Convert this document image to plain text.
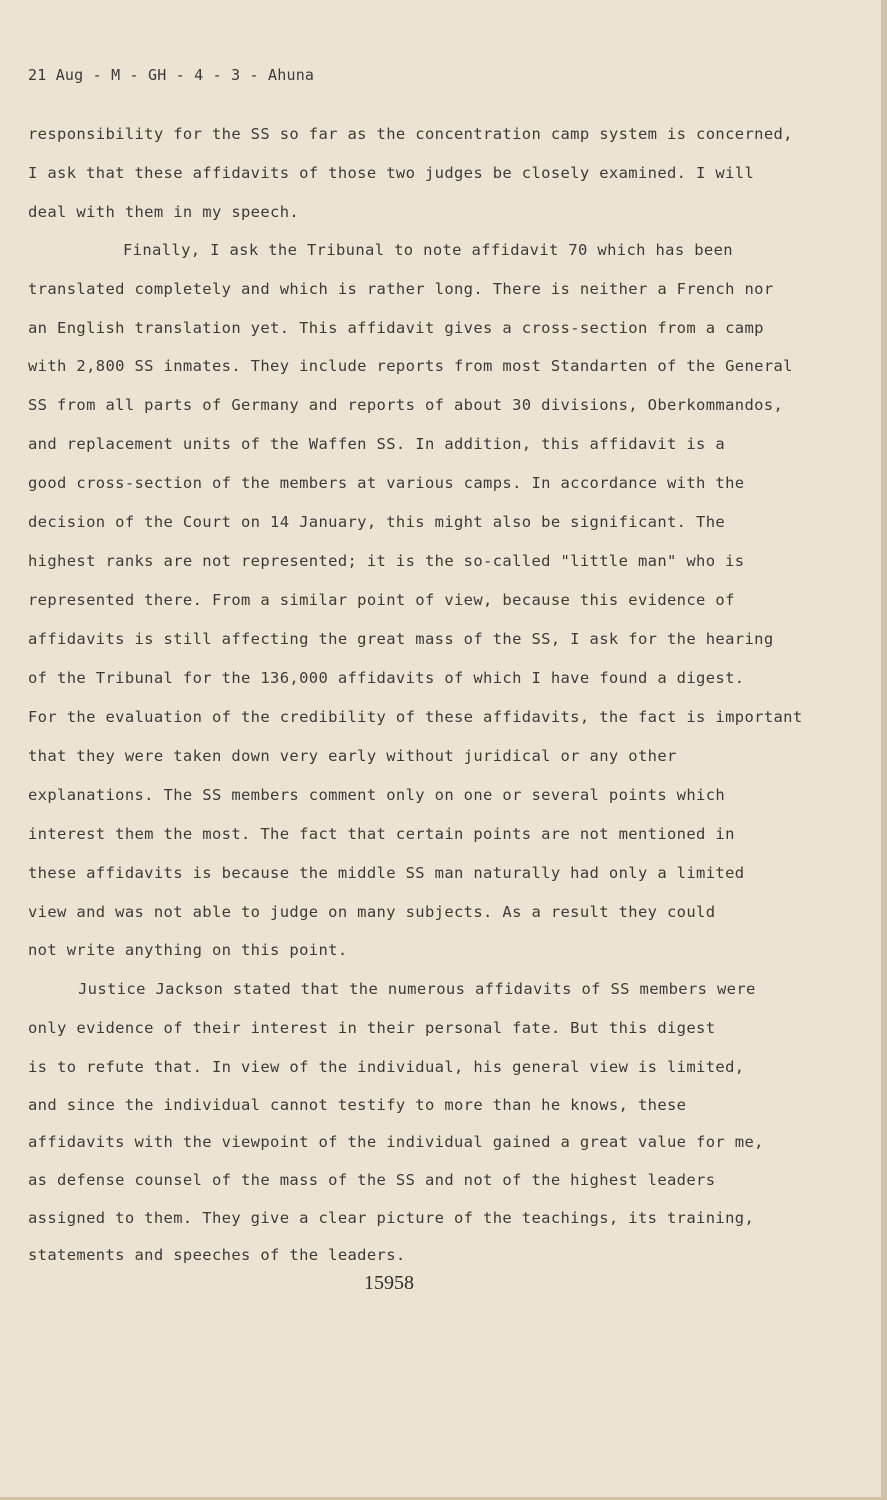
21 Aug - M - GH - 4 - 3 - Ahuna
responsibility for the SS so far as the concentration camp system is concerned,
I ask that these affidavits of those two judges be closely examined. I will
deal with them in my speech.
Finally, I ask the Tribunal to note affidavit 70 which has been
translated completely and which is rather long. There is neither a French nor
an English translation yet. This affidavit gives a cross-section from a camp
with 2,800 SS inmates. They include reports from most Standarten of the General
SS from all parts of Germany and reports of about 30 divisions, Oberkommandos,
and replacement units of the Waffen SS. In addition, this affidavit is a
good cross-section of the members at various camps. In accordance with the
decision of the Court on 14 January, this might also be significant. The
highest ranks are not represented; it is the so-called "little man" who is
represented there. From a similar point of view, because this evidence of
affidavits is still affecting the great mass of the SS, I ask for the hearing
of the Tribunal for the 136,000 affidavits of which I have found a digest.
For the evaluation of the credibility of these affidavits, the fact is important
that they were taken down very early without juridical or any other
explanations. The SS members comment only on one or several points which
interest them the most. The fact that certain points are not mentioned in
these affidavits is because the middle SS man naturally had only a limited
view and was not able to judge on many subjects. As a result they could
not write anything on this point.
Justice Jackson stated that the numerous affidavits of SS members were
only evidence of their interest in their personal fate. But this digest
is to refute that. In view of the individual, his general view is limited,
and since the individual cannot testify to more than he knows, these
affidavits with the viewpoint of the individual gained a great value for me,
as defense counsel of the mass of the SS and not of the highest leaders
assigned to them. They give a clear picture of the teachings, its training,
statements and speeches of the leaders.
15958
